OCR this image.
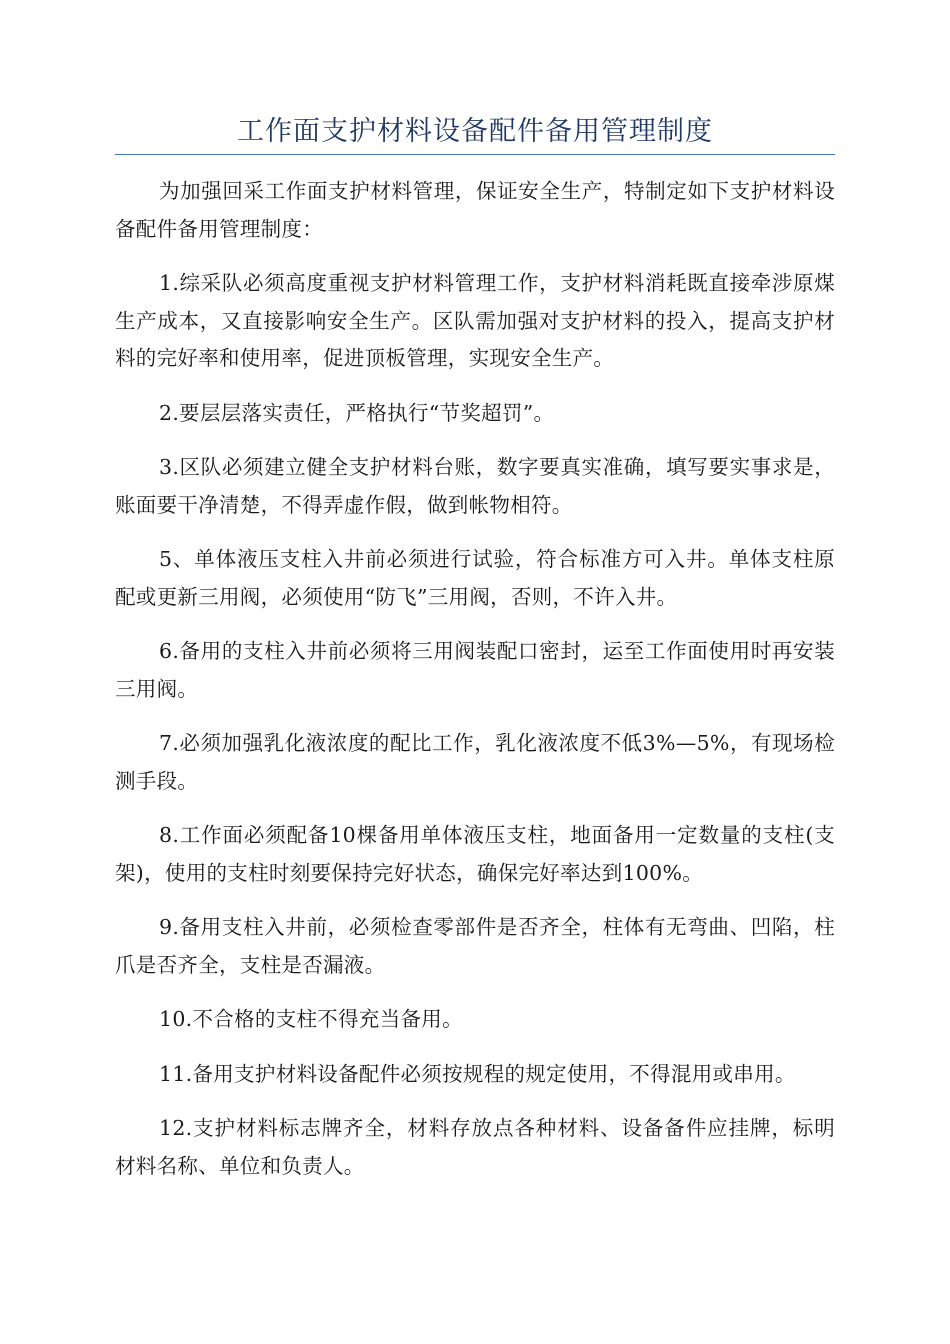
工作面支护材料设备配件备用管理制度

为加强回采工作面支护材料管理，保证安全生产，特制定如下支护材料设备配件备用管理制度：

1.综采队必须高度重视支护材料管理工作，支护材料消耗既直接牵涉原煤生产成本，又直接影响安全生产。区队需加强对支护材料的投入，提高支护材料的完好率和使用率，促进顶板管理，实现安全生产。

2.要层层落实责任，严格执行“节奖超罚”。

3.区队必须建立健全支护材料台账，数字要真实准确，填写要实事求是，账面要干净清楚，不得弄虚作假，做到帐物相符。

5、单体液压支柱入井前必须进行试验，符合标准方可入井。单体支柱原配或更新三用阀，必须使用“防飞”三用阀，否则，不许入井。

6.备用的支柱入井前必须将三用阀装配口密封，运至工作面使用时再安装三用阀。

7.必须加强乳化液浓度的配比工作，乳化液浓度不低3%—5%，有现场检测手段。

8.工作面必须配备10棵备用单体液压支柱，地面备用一定数量的支柱(支架)，使用的支柱时刻要保持完好状态，确保完好率达到100%。

9.备用支柱入井前，必须检查零部件是否齐全，柱体有无弯曲、凹陷，柱爪是否齐全，支柱是否漏液。

10.不合格的支柱不得充当备用。

11.备用支护材料设备配件必须按规程的规定使用，不得混用或串用。

12.支护材料标志牌齐全，材料存放点各种材料、设备备件应挂牌，标明材料名称、单位和负责人。
